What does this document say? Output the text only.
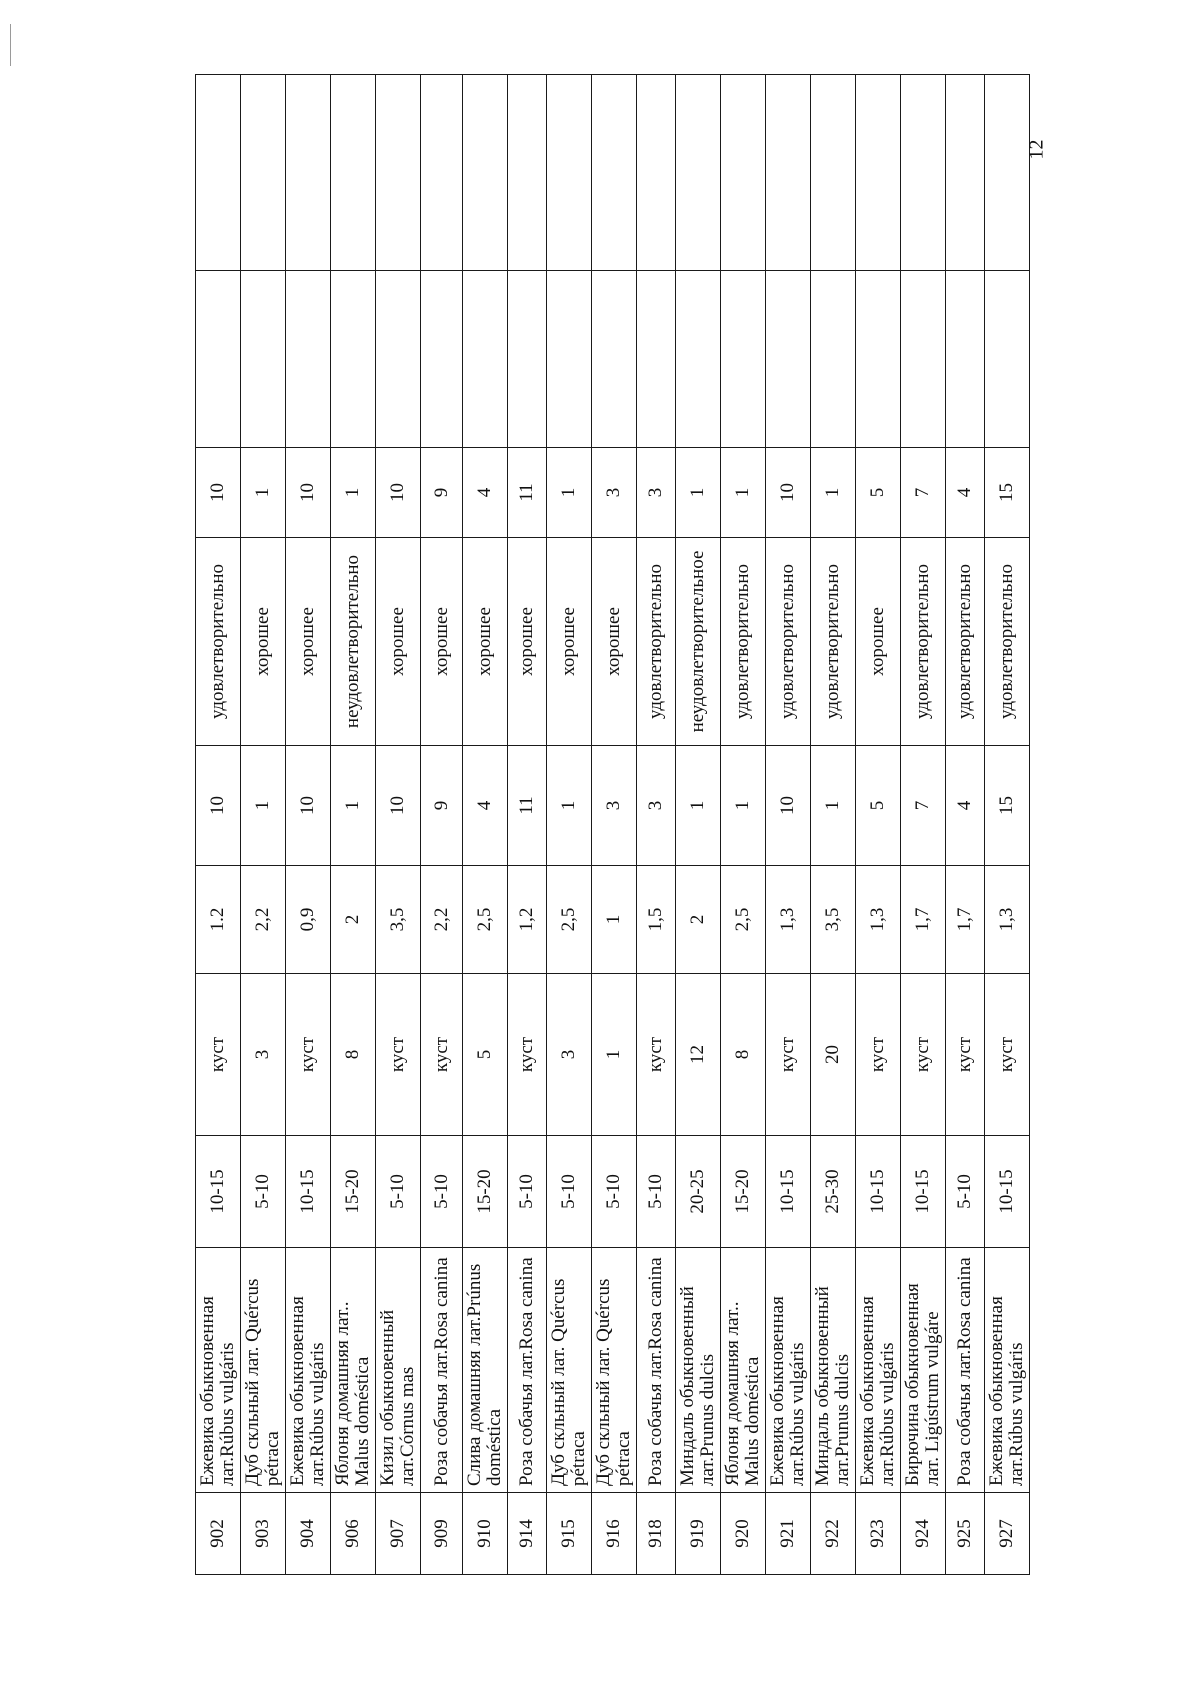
902	Ежевика обыкновенная лат.Rúbus vulgáris	10-15	куст	1.2	10	удовлетворительно	10		
903	Дуб скльный лат. Quércus pétraca	5-10	3	2,2	1	хорошее	1		
904	Ежевика обыкновенная лат.Rúbus vulgáris	10-15	куст	0,9	10	хорошее	10		
906	Яблоня домашняя лат.. Malus doméstica	15-20	8	2	1	неудовлетворительно	1		
907	Кизил обыкновенный лат.Córnus mas	5-10	куст	3,5	10	хорошее	10		
909	Роза собачья лат.Rosa canina	5-10	куст	2,2	9	хорошее	9		
910	Слива домашняя лат.Prúnus doméstica	15-20	5	2,5	4	хорошее	4		
914	Роза собачья лат.Rosa canina	5-10	куст	1,2	11	хорошее	11		
915	Дуб скльный лат. Quércus pétraca	5-10	3	2,5	1	хорошее	1		
916	Дуб скльный лат. Quércus pétraca	5-10	1	1	3	хорошее	3		
918	Роза собачья лат.Rosa canina	5-10	куст	1,5	3	удовлетворительно	3		
919	Миндаль обыкновенный лат.Prunus dulcis	20-25	12	2	1	неудовлетворительное	1		
920	Яблоня домашняя лат.. Malus doméstica	15-20	8	2,5	1	удовлетворительно	1		
921	Ежевика обыкновенная лат.Rúbus vulgáris	10-15	куст	1,3	10	удовлетворительно	10		
922	Миндаль обыкновенный лат.Prunus dulcis	25-30	20	3,5	1	удовлетворительно	1		
923	Ежевика обыкновенная лат.Rúbus vulgáris	10-15	куст	1,3	5	хорошее	5		
924	Бирючина обыкновенная лат. Ligústrum vulgáre	10-15	куст	1,7	7	удовлетворительно	7		
925	Роза собачья лат.Rosa canina	5-10	куст	1,7	4	удовлетворительно	4		
927	Ежевика обыкновенная лат.Rúbus vulgáris	10-15	куст	1,3	15	удовлетворительно	15		
12
